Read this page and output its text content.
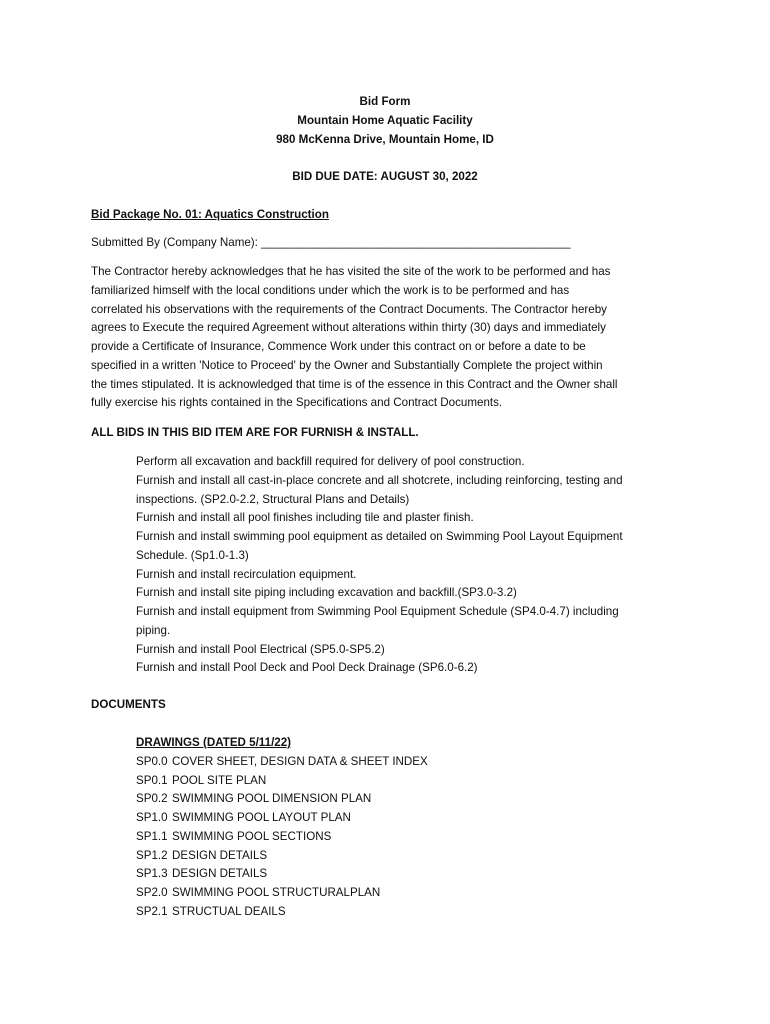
Bid Form
Mountain Home Aquatic Facility
980 McKenna Drive, Mountain Home, ID
BID DUE DATE: AUGUST 30, 2022
Bid Package No. 01: Aquatics Construction
Submitted By (Company Name): ________________________________________________
The Contractor hereby acknowledges that he has visited the site of the work to be performed and has
familiarized himself with the local conditions under which the work is to be performed and has
correlated his observations with the requirements of the Contract Documents. The Contractor hereby
agrees to Execute the required Agreement without alterations within thirty (30) days and immediately
provide a Certificate of Insurance, Commence Work under this contract on or before a date to be
specified in a written 'Notice to Proceed' by the Owner and Substantially Complete the project within
the times stipulated. It is acknowledged that time is of the essence in this Contract and the Owner shall
fully exercise his rights contained in the Specifications and Contract Documents.
ALL BIDS IN THIS BID ITEM ARE FOR FURNISH & INSTALL.
Perform all excavation and backfill required for delivery of pool construction.
Furnish and install all cast-in-place concrete and all shotcrete, including reinforcing, testing and
inspections. (SP2.0-2.2, Structural Plans and Details)
Furnish and install all pool finishes including tile and plaster finish.
Furnish and install swimming pool equipment as detailed on Swimming Pool Layout Equipment
Schedule. (Sp1.0-1.3)
Furnish and install recirculation equipment.
Furnish and install site piping including excavation and backfill.(SP3.0-3.2)
Furnish and install equipment from Swimming Pool Equipment Schedule (SP4.0-4.7) including
piping.
Furnish and install Pool Electrical (SP5.0-SP5.2)
Furnish and install Pool Deck and Pool Deck Drainage (SP6.0-6.2)
DOCUMENTS
DRAWINGS (DATED 5/11/22)
SP0.0 COVER SHEET, DESIGN DATA & SHEET INDEX
SP0.1 POOL SITE PLAN
SP0.2 SWIMMING POOL DIMENSION PLAN
SP1.0 SWIMMING POOL LAYOUT PLAN
SP1.1 SWIMMING POOL SECTIONS
SP1.2 DESIGN DETAILS
SP1.3 DESIGN DETAILS
SP2.0 SWIMMING POOL STRUCTURALPLAN
SP2.1 STRUCTUAL DEAILS
